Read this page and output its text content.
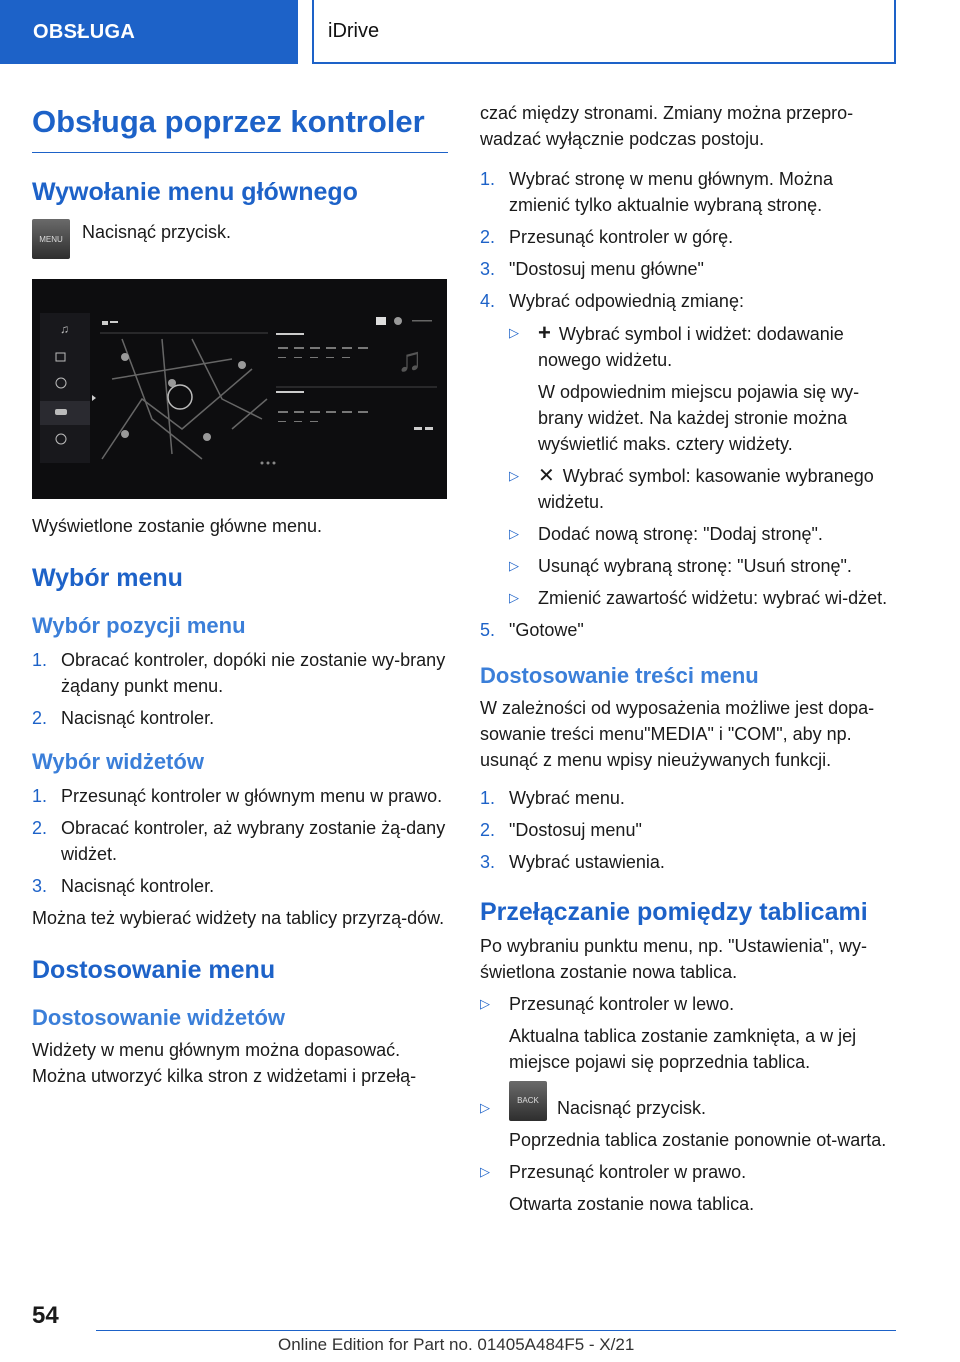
OBSŁUGA	iDrive
Obsługa poprzez kontroler
Wywołanie menu głównego
MENU Nacisnąć przycisk.

♫
♫

Wyświetlone zostanie główne menu.

Wybór menu
Wybór pozycji menu
1. Obracać kontroler, dopóki nie zostanie wy-brany żądany punkt menu.
2. Nacisnąć kontroler.
Wybór widżetów
1. Przesunąć kontroler w głównym menu w prawo.
2. Obracać kontroler, aż wybrany zostanie żą-dany widżet.
3. Nacisnąć kontroler.

Można też wybierać widżety na tablicy przyrzą-dów.

Dostosowanie menu
Dostosowanie widżetów

Widżety w menu głównym można dopasować. Można utworzyć kilka stron z widżetami i przełą-

czać między stronami. Zmiany można przepro-wadzać wyłącznie podczas postoju.

1. Wybrać stronę w menu głównym. Można zmienić tylko aktualnie wybraną stronę.
2. Przesunąć kontroler w górę.
3. "Dostosuj menu główne"
4. Wybrać odpowiednią zmianę:
▷ + Wybrać symbol i widżet: dodawanie nowego widżetu.

W odpowiednim miejscu pojawia się wy-brany widżet. Na każdej stronie można wyświetlić maks. cztery widżety.

▷ ✕ Wybrać symbol: kasowanie wybranego widżetu.
▷	Dodać nową stronę: "Dodaj stronę".
▷	Usunąć wybraną stronę: "Usuń stronę".
▷	Zmienić zawartość widżetu: wybrać wi-dżet.
5. "Gotowe"
Dostosowanie treści menu

W zależności od wyposażenia możliwe jest dopa-sowanie treści menu"MEDIA" i "COM", aby np. usunąć z menu wpisy nieużywanych funkcji.

1. Wybrać menu.
2. "Dostosuj menu"
3. Wybrać ustawienia.
Przełączanie pomiędzy tablicami

Po wybraniu punktu menu, np. "Ustawienia", wy-świetlona zostanie nowa tablica.

▷	Przesunąć kontroler w lewo.

Aktualna tablica zostanie zamknięta, a w jej miejsce pojawi się poprzednia tablica.

▷	BACK Nacisnąć przycisk.

Poprzednia tablica zostanie ponownie ot-warta.

▷	Przesunąć kontroler w prawo.

Otwarta zostanie nowa tablica.

54
Online Edition for Part no. 01405A484F5 - X/21
